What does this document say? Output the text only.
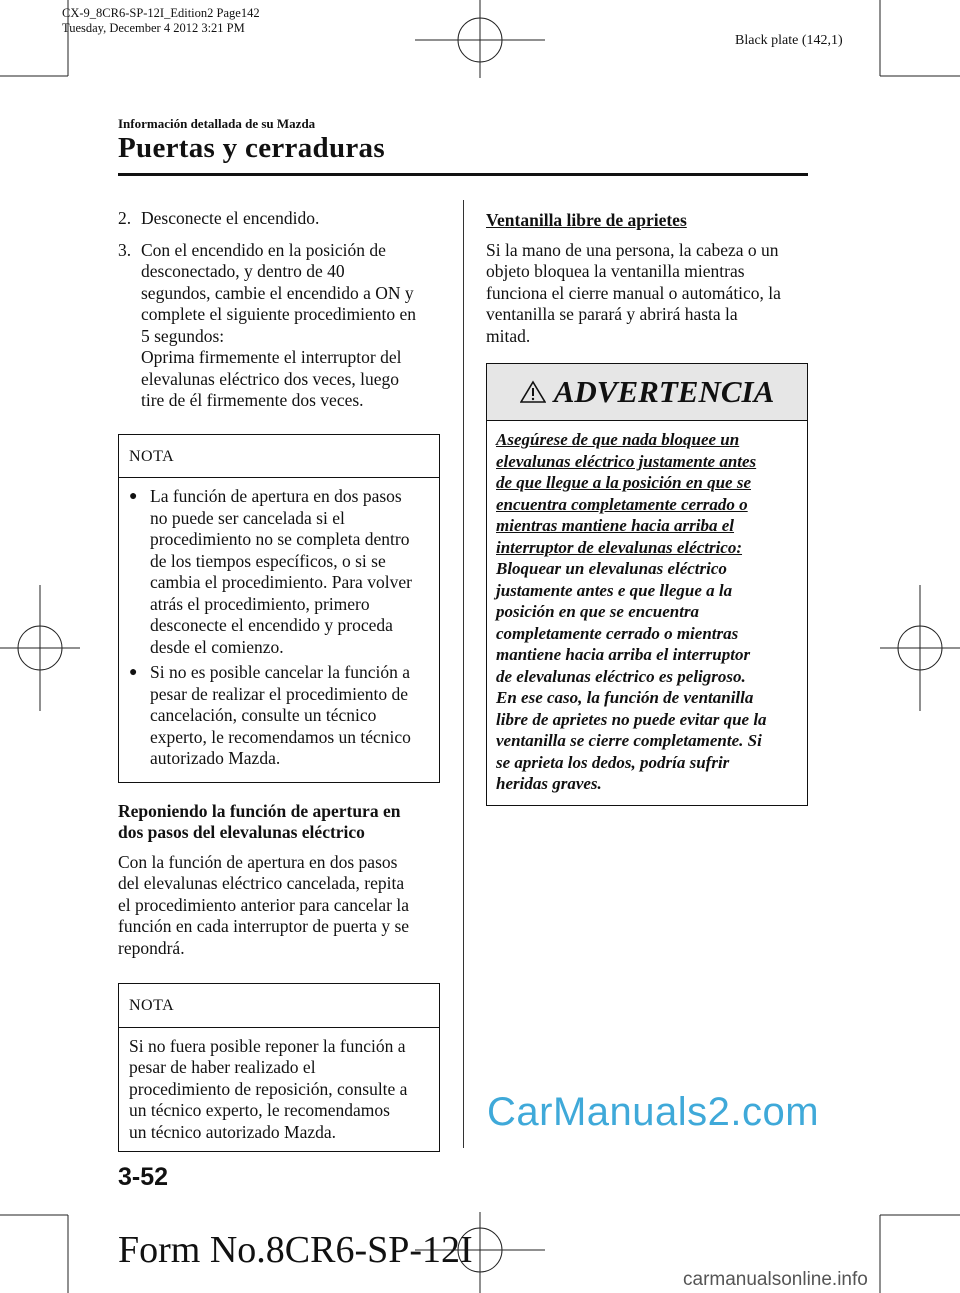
CX-9_8CR6-SP-12I_Edition2 Page142
Tuesday, December 4 2012 3:21 PM
Black plate (142,1)
Información detallada de su Mazda
Puertas y cerraduras
2. Desconecte el encendido.

3. Con el encendido en la posición de

desconectado, y dentro de 40

segundos, cambie el encendido a ON y

complete el siguiente procedimiento en

5 segundos:

Oprima firmemente el interruptor del

elevalunas eléctrico dos veces, luego

tire de él firmemente dos veces.

NOTA
● La función de apertura en dos pasos

no puede ser cancelada si el

procedimiento no se completa dentro

de los tiempos específicos, o si se

cambia el procedimiento. Para volver

atrás el procedimiento, primero

desconecte el encendido y proceda

desde el comienzo.

● Si no es posible cancelar la función a

pesar de realizar el procedimiento de

cancelación, consulte un técnico

experto, le recomendamos un técnico

autorizado Mazda.

Reponiendo la función de apertura en
dos pasos del elevalunas eléctrico
Con la función de apertura en dos pasos
del elevalunas eléctrico cancelada, repita
el procedimiento anterior para cancelar la
función en cada interruptor de puerta y se
repondrá.
NOTA
Si no fuera posible reponer la función a
pesar de haber realizado el
procedimiento de reposición, consulte a
un técnico experto, le recomendamos
un técnico autorizado Mazda.
Ventanilla libre de aprietes
Si la mano de una persona, la cabeza o un
objeto bloquea la ventanilla mientras
funciona el cierre manual o automático, la
ventanilla se parará y abrirá hasta la
mitad.
ADVERTENCIA
Asegúrese de que nada bloquee un
elevalunas eléctrico justamente antes
de que llegue a la posición en que se
encuentra completamente cerrado o
mientras mantiene hacia arriba el
interruptor de elevalunas eléctrico:
Bloquear un elevalunas eléctrico
justamente antes e que llegue a la
posición en que se encuentra
completamente cerrado o mientras
mantiene hacia arriba el interruptor
de elevalunas eléctrico es peligroso.
En ese caso, la función de ventanilla
libre de aprietes no puede evitar que la
ventanilla se cierre completamente. Si
se aprieta los dedos, podría sufrir
heridas graves.
CarManuals2.com
3-52
Form No.8CR6-SP-12I
carmanualsonline.info
